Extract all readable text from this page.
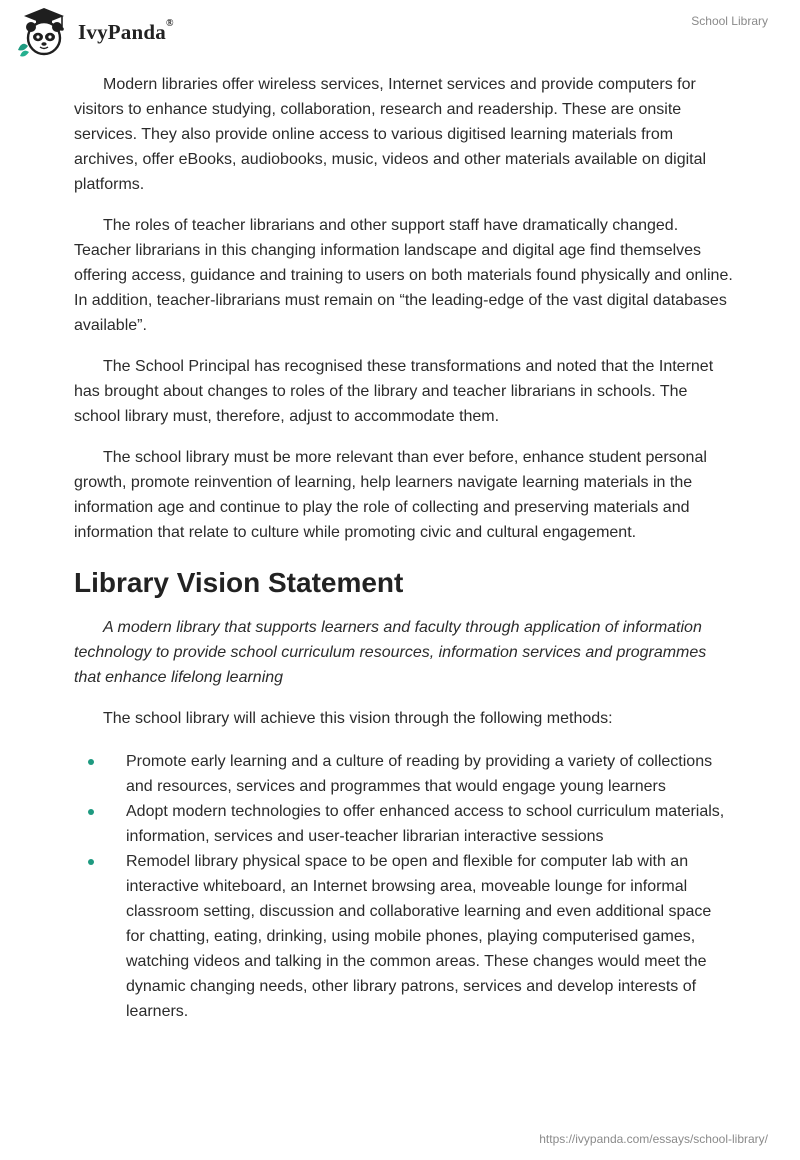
IvyPanda®	School Library

Modern libraries offer wireless services, Internet services and provide computers for visitors to enhance studying, collaboration, research and readership. These are onsite services. They also provide online access to various digitised learning materials from archives, offer eBooks, audiobooks, music, videos and other materials available on digital platforms.

The roles of teacher librarians and other support staff have dramatically changed. Teacher librarians in this changing information landscape and digital age find themselves offering access, guidance and training to users on both materials found physically and online. In addition, teacher-librarians must remain on “the leading-edge of the vast digital databases available”.

The School Principal has recognised these transformations and noted that the Internet has brought about changes to roles of the library and teacher librarians in schools. The school library must, therefore, adjust to accommodate them.

The school library must be more relevant than ever before, enhance student personal growth, promote reinvention of learning, help learners navigate learning materials in the information age and continue to play the role of collecting and preserving materials and information that relate to culture while promoting civic and cultural engagement.

Library Vision Statement

A modern library that supports learners and faculty through application of information technology to provide school curriculum resources, information services and programmes that enhance lifelong learning

The school library will achieve this vision through the following methods:

Promote early learning and a culture of reading by providing a variety of collections and resources, services and programmes that would engage young learners
Adopt modern technologies to offer enhanced access to school curriculum materials, information, services and user-teacher librarian interactive sessions
Remodel library physical space to be open and flexible for computer lab with an interactive whiteboard, an Internet browsing area, moveable lounge for informal classroom setting, discussion and collaborative learning and even additional space for chatting, eating, drinking, using mobile phones, playing computerised games, watching videos and talking in the common areas. These changes would meet the dynamic changing needs, other library patrons, services and develop interests of learners.
https://ivypanda.com/essays/school-library/
